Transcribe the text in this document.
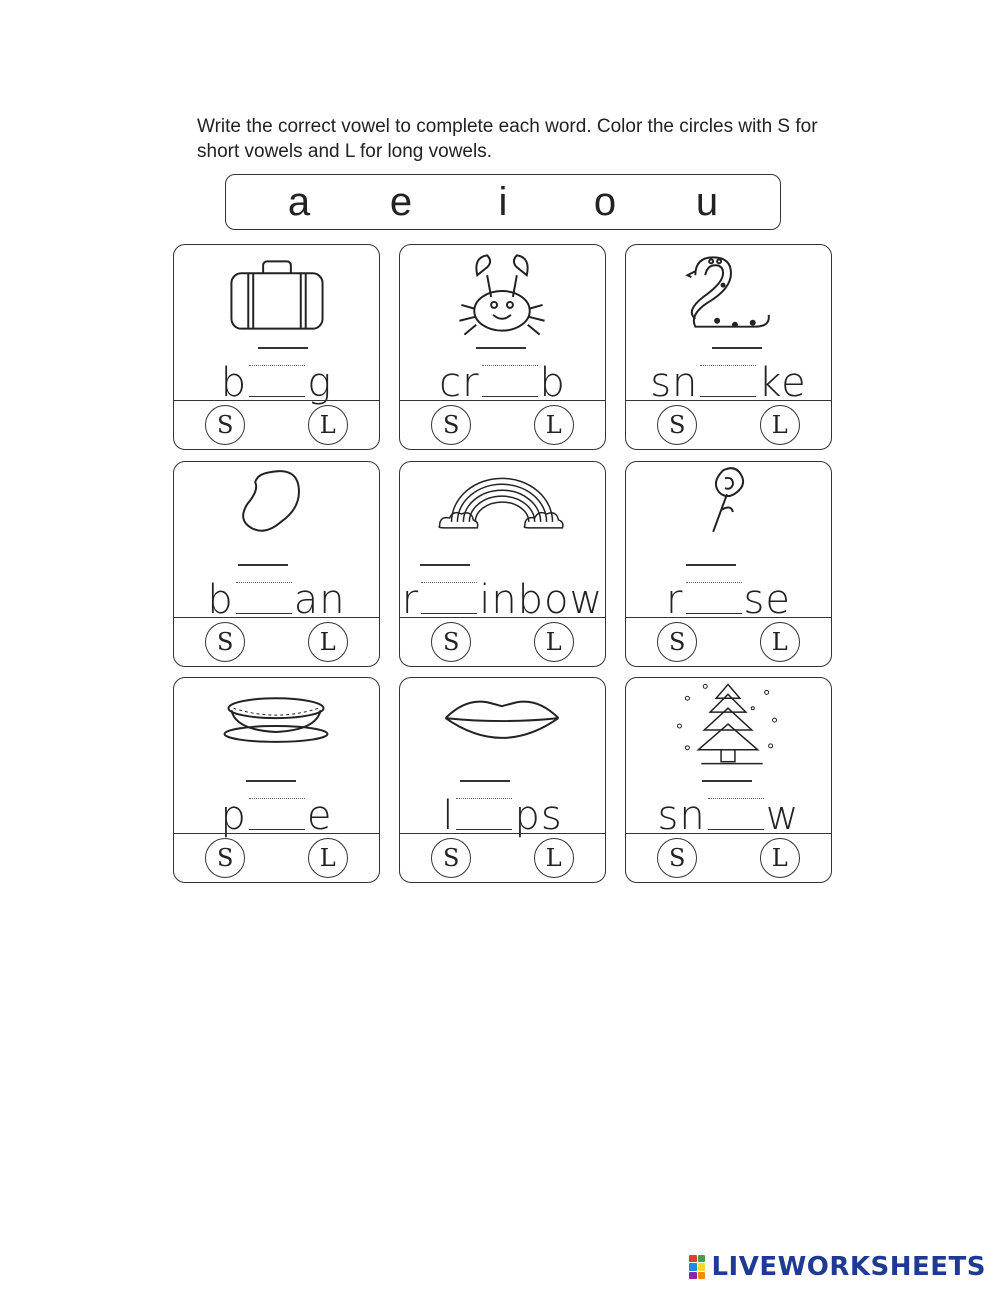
Write the correct vowel to complete each word. Color the circles with S for short vowels and L for long vowels.
a e i o u
b g
S	L
cr b
S	L
sn ke
S	L
b an
S	L
r inbow
S	L
r se
S	L
p e
S	L
l ps
S	L
sn w
S	L
LIVEWORKSHEETS
